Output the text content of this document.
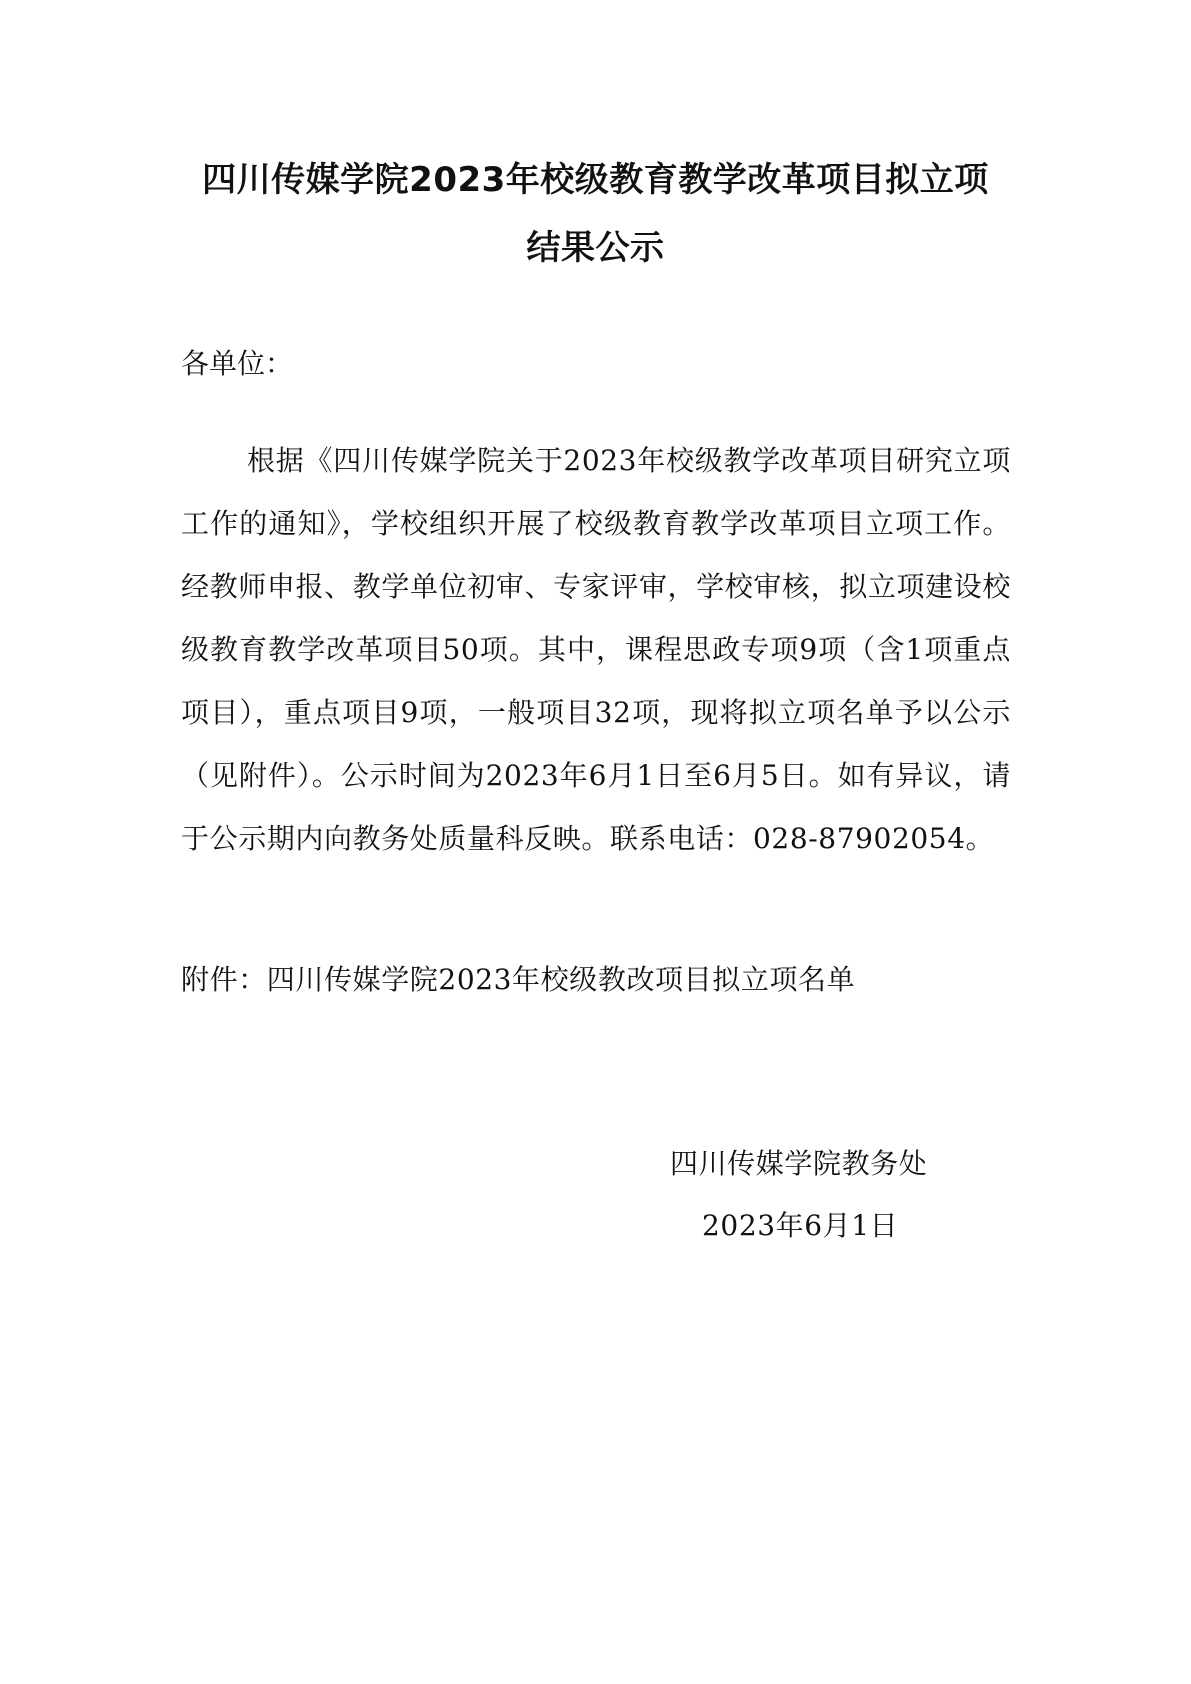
四川传媒学院2023年校级教育教学改革项目拟立项
结果公示

各单位：

根据《四川传媒学院关于2023年校级教学改革项目研究立项工作的通知》，学校组织开展了校级教育教学改革项目立项工作。经教师申报、教学单位初审、专家评审，学校审核，拟立项建设校级教育教学改革项目50项。其中，课程思政专项9项（含1项重点项目），重点项目9项，一般项目32项，现将拟立项名单予以公示（见附件）。公示时间为2023年6月1日至6月5日。如有异议，请于公示期内向教务处质量科反映。联系电话：028-87902054。

附件：四川传媒学院2023年校级教改项目拟立项名单

四川传媒学院教务处

2023年6月1日
